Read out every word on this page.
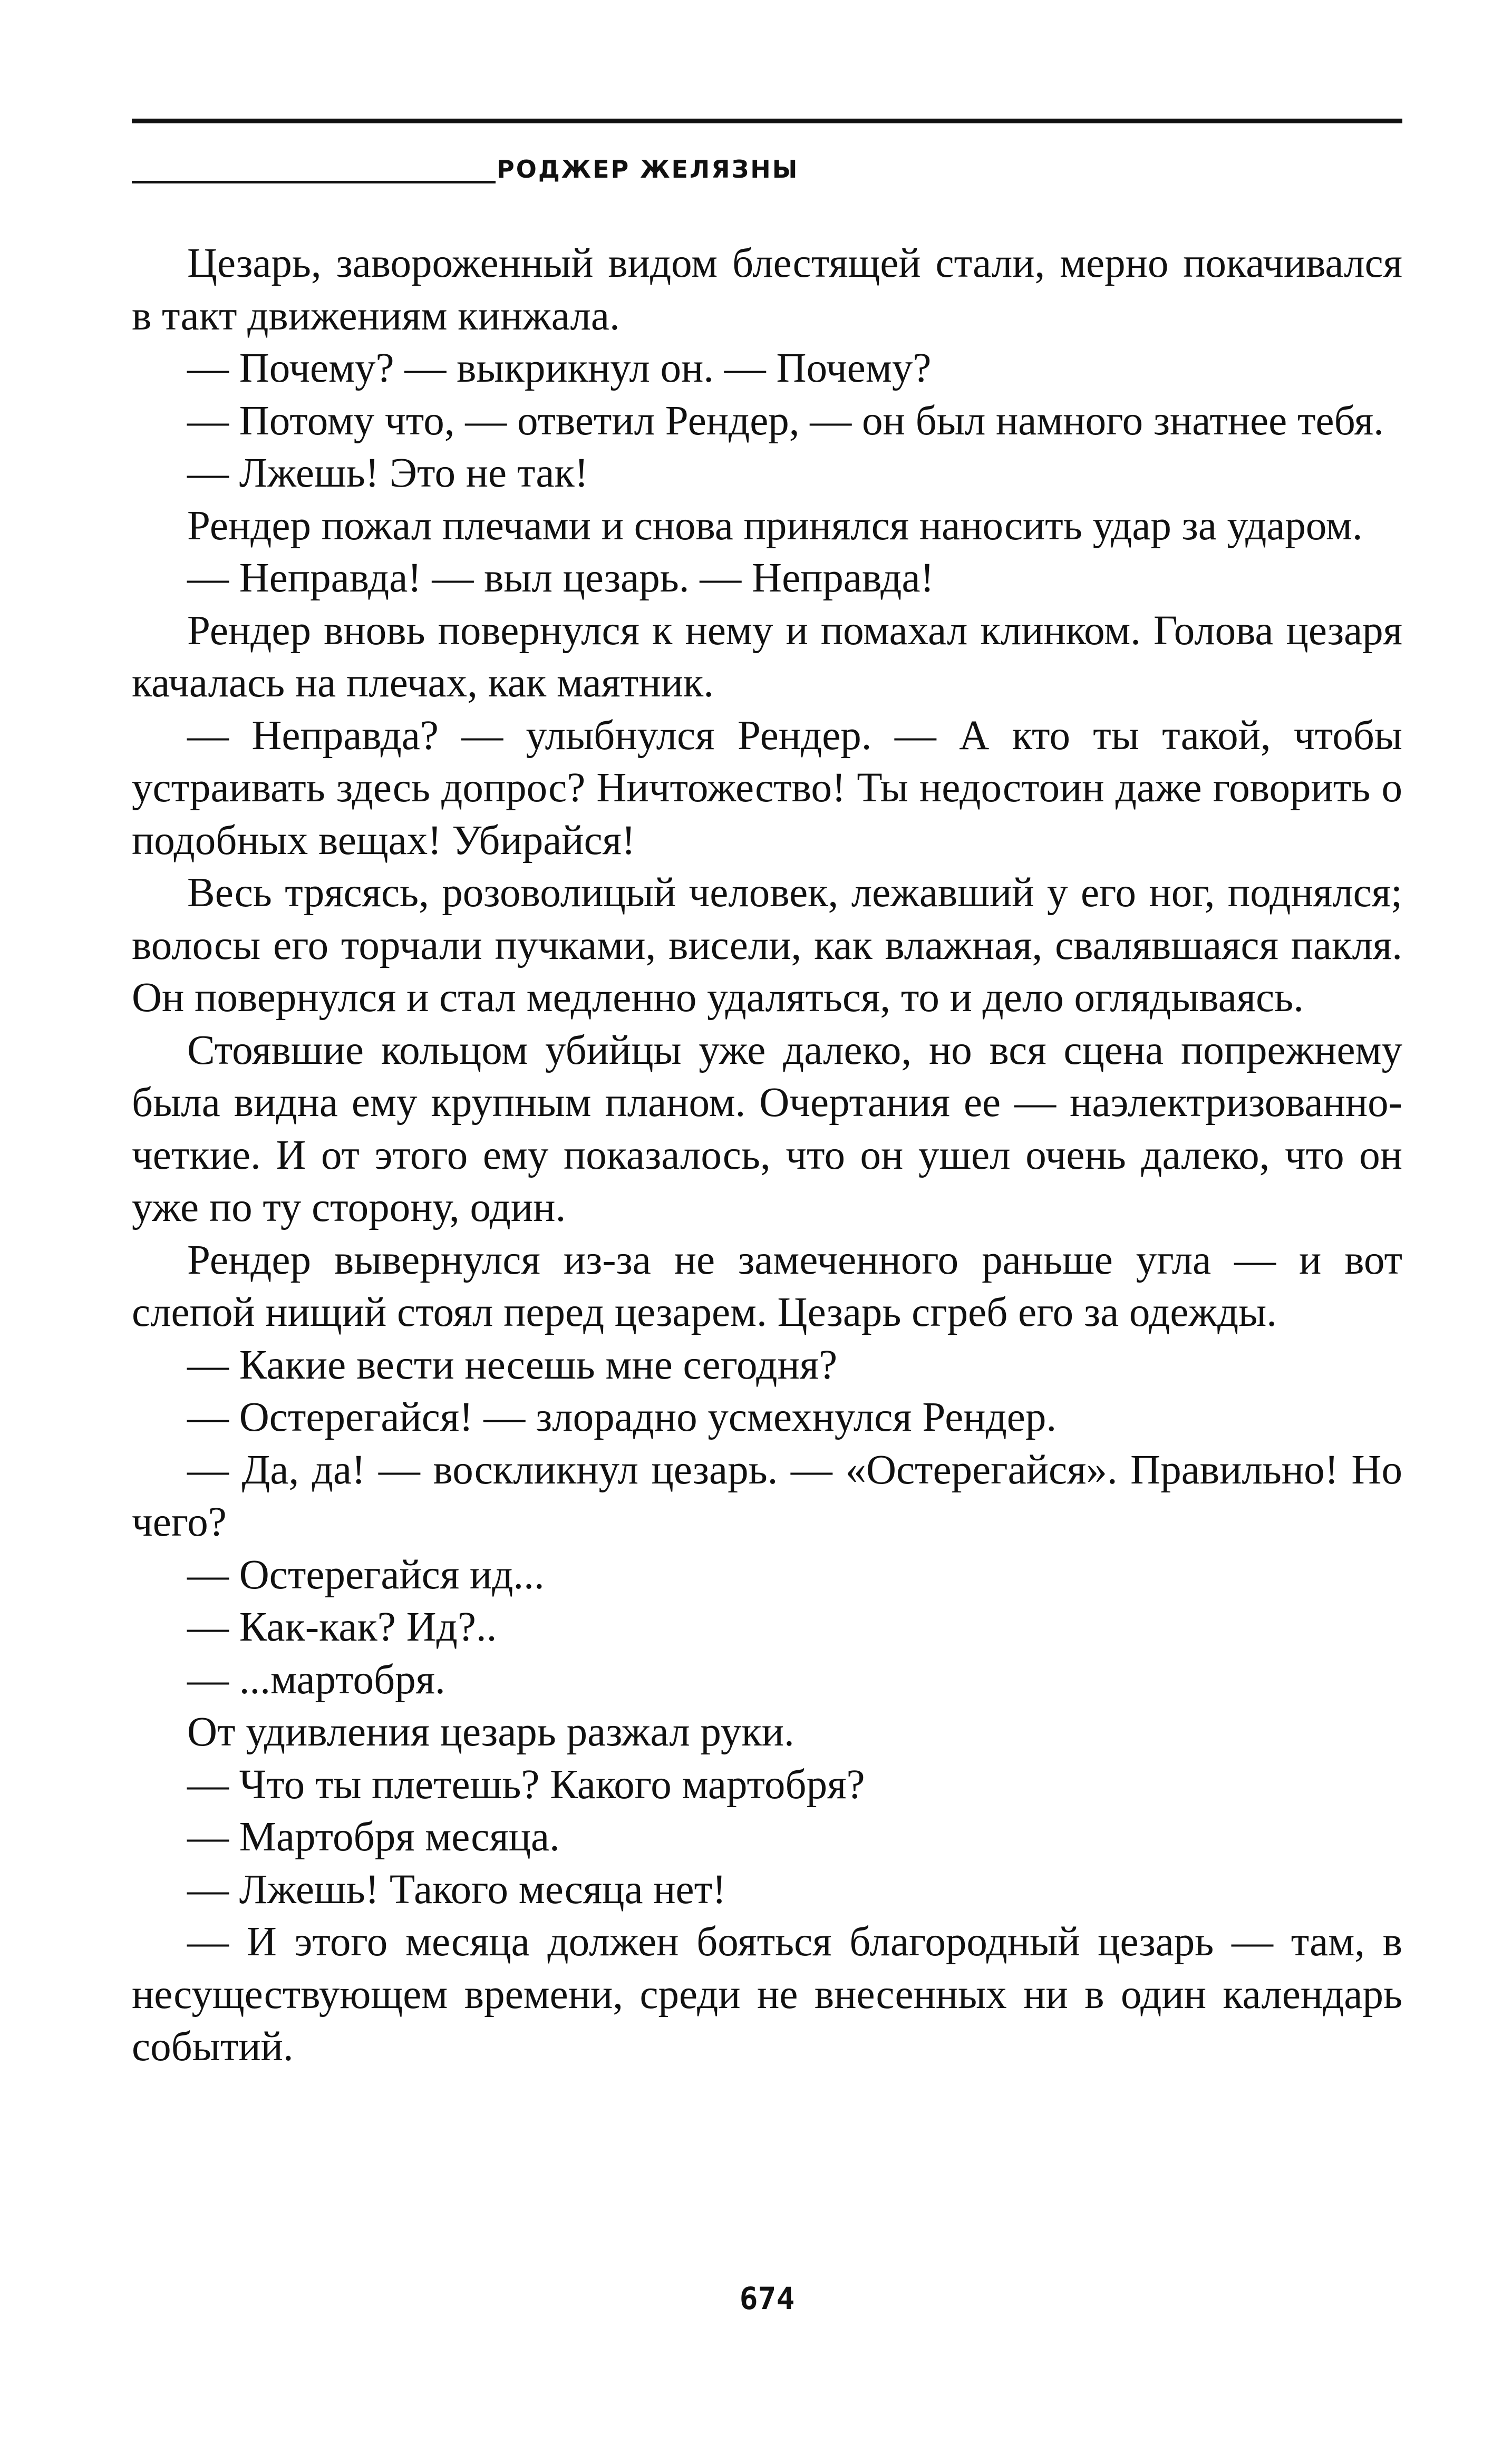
РОДЖЕР ЖЕЛЯЗНЫ

Цезарь, завороженный видом блестящей стали, мерно покачивался в такт движениям кинжала.

— Почему? — выкрикнул он. — Почему?

— Потому что, — ответил Рендер, — он был намного знатнее тебя.

— Лжешь! Это не так!

Рендер пожал плечами и снова принялся наносить удар за ударом.

— Неправда! — выл цезарь. — Неправда!

Рендер вновь повернулся к нему и помахал клинком. Голова цезаря качалась на плечах, как маятник.

— Неправда? — улыбнулся Рендер. — А кто ты такой, чтобы устраивать здесь допрос? Ничтожество! Ты недостоин даже говорить о подобных вещах! Убирайся!

Весь трясясь, розоволицый человек, лежавший у его ног, поднялся; волосы его торчали пучками, висели, как влажная, свалявшаяся пакля. Он повернулся и стал медленно удаляться, то и дело оглядываясь.

Стоявшие кольцом убийцы уже далеко, но вся сцена попрежнему была видна ему крупным планом. Очертания ее — наэлектризованно-четкие. И от этого ему показалось, что он ушел очень далеко, что он уже по ту сторону, один.

Рендер вывернулся из-за не замеченного раньше угла — и вот слепой нищий стоял перед цезарем. Цезарь сгреб его за одежды.

— Какие вести несешь мне сегодня?

— Остерегайся! — злорадно усмехнулся Рендер.

— Да, да! — воскликнул цезарь. — «Остерегайся». Правильно! Но чего?

— Остерегайся ид...

— Как-как? Ид?..

— ...мартобря.

От удивления цезарь разжал руки.

— Что ты плетешь? Какого мартобря?

— Мартобря месяца.

— Лжешь! Такого месяца нет!

— И этого месяца должен бояться благородный цезарь — там, в несуществующем времени, среди не внесенных ни в один календарь событий.

674
